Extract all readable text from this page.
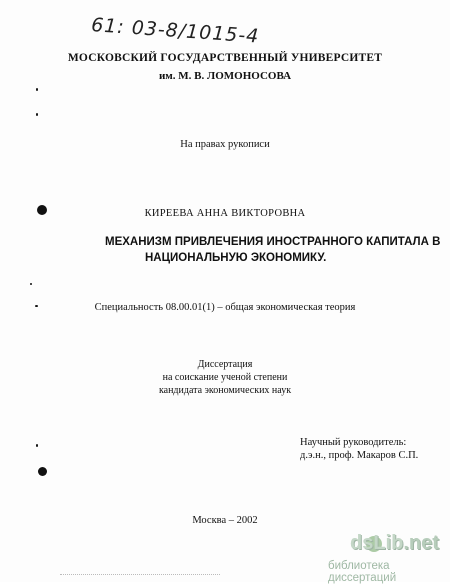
61: 03-8/1015-4
МОСКОВСКИЙ ГОСУДАРСТВЕННЫЙ УНИВЕРСИТЕТ
им. М. В. ЛОМОНОСОВА
На правах рукописи
КИРЕЕВА АННА ВИКТОРОВНА
МЕХАНИЗМ ПРИВЛЕЧЕНИЯ ИНОСТРАННОГО КАПИТАЛА В
НАЦИОНАЛЬНУЮ ЭКОНОМИКУ.
Специальность 08.00.01(1) – общая экономическая теория
Диссертация
на соискание ученой степени
кандидата экономических наук
Научный руководитель:
д.э.н., проф. Макаров С.П.
Москва – 2002
dsLib.net
библиотека диссертаций
